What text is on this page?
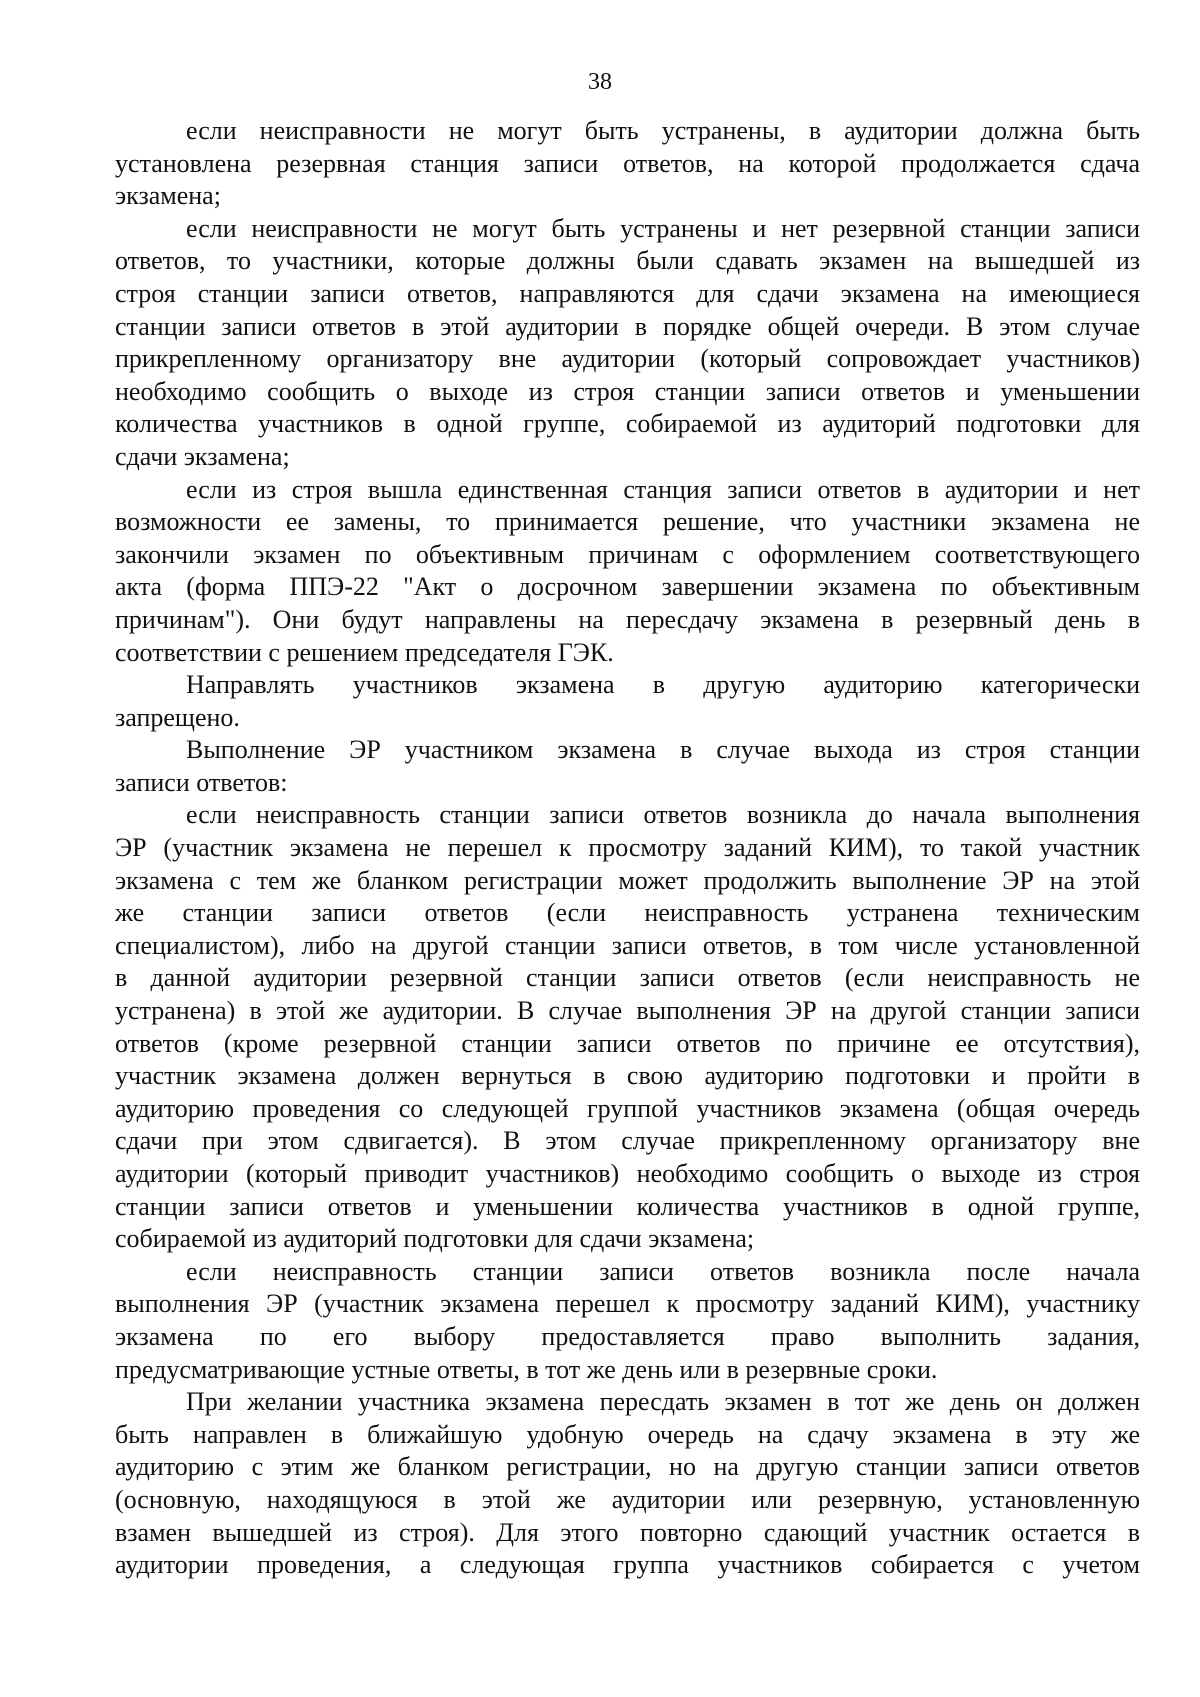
38
если неисправности не могут быть устранены, в аудитории должна быть
установлена резервная станция записи ответов, на которой продолжается сдача
экзамена;
если неисправности не могут быть устранены и нет резервной станции записи
ответов, то участники, которые должны были сдавать экзамен на вышедшей из
строя станции записи ответов, направляются для сдачи экзамена на имеющиеся
станции записи ответов в этой аудитории в порядке общей очереди. В этом случае
прикрепленному организатору вне аудитории (который сопровождает участников)
необходимо сообщить о выходе из строя станции записи ответов и уменьшении
количества участников в одной группе, собираемой из аудиторий подготовки для
сдачи экзамена;
если из строя вышла единственная станция записи ответов в аудитории и нет
возможности ее замены, то принимается решение, что участники экзамена не
закончили экзамен по объективным причинам с оформлением соответствующего
акта (форма ППЭ-22 "Акт о досрочном завершении экзамена по объективным
причинам"). Они будут направлены на пересдачу экзамена в резервный день в
соответствии с решением председателя ГЭК.
Направлять участников экзамена в другую аудиторию категорически
запрещено.
Выполнение ЭР участником экзамена в случае выхода из строя станции
записи ответов:
если неисправность станции записи ответов возникла до начала выполнения
ЭР (участник экзамена не перешел к просмотру заданий КИМ), то такой участник
экзамена с тем же бланком регистрации может продолжить выполнение ЭР на этой
же станции записи ответов (если неисправность устранена техническим
специалистом), либо на другой станции записи ответов, в том числе установленной
в данной аудитории резервной станции записи ответов (если неисправность не
устранена) в этой же аудитории. В случае выполнения ЭР на другой станции записи
ответов (кроме резервной станции записи ответов по причине ее отсутствия),
участник экзамена должен вернуться в свою аудиторию подготовки и пройти в
аудиторию проведения со следующей группой участников экзамена (общая очередь
сдачи при этом сдвигается). В этом случае прикрепленному организатору вне
аудитории (который приводит участников) необходимо сообщить о выходе из строя
станции записи ответов и уменьшении количества участников в одной группе,
собираемой из аудиторий подготовки для сдачи экзамена;
если неисправность станции записи ответов возникла после начала
выполнения ЭР (участник экзамена перешел к просмотру заданий КИМ), участнику
экзамена по его выбору предоставляется право выполнить задания,
предусматривающие устные ответы, в тот же день или в резервные сроки.
При желании участника экзамена пересдать экзамен в тот же день он должен
быть направлен в ближайшую удобную очередь на сдачу экзамена в эту же
аудиторию с этим же бланком регистрации, но на другую станции записи ответов
(основную, находящуюся в этой же аудитории или резервную, установленную
взамен вышедшей из строя). Для этого повторно сдающий участник остается в
аудитории проведения, а следующая группа участников собирается с учетом
